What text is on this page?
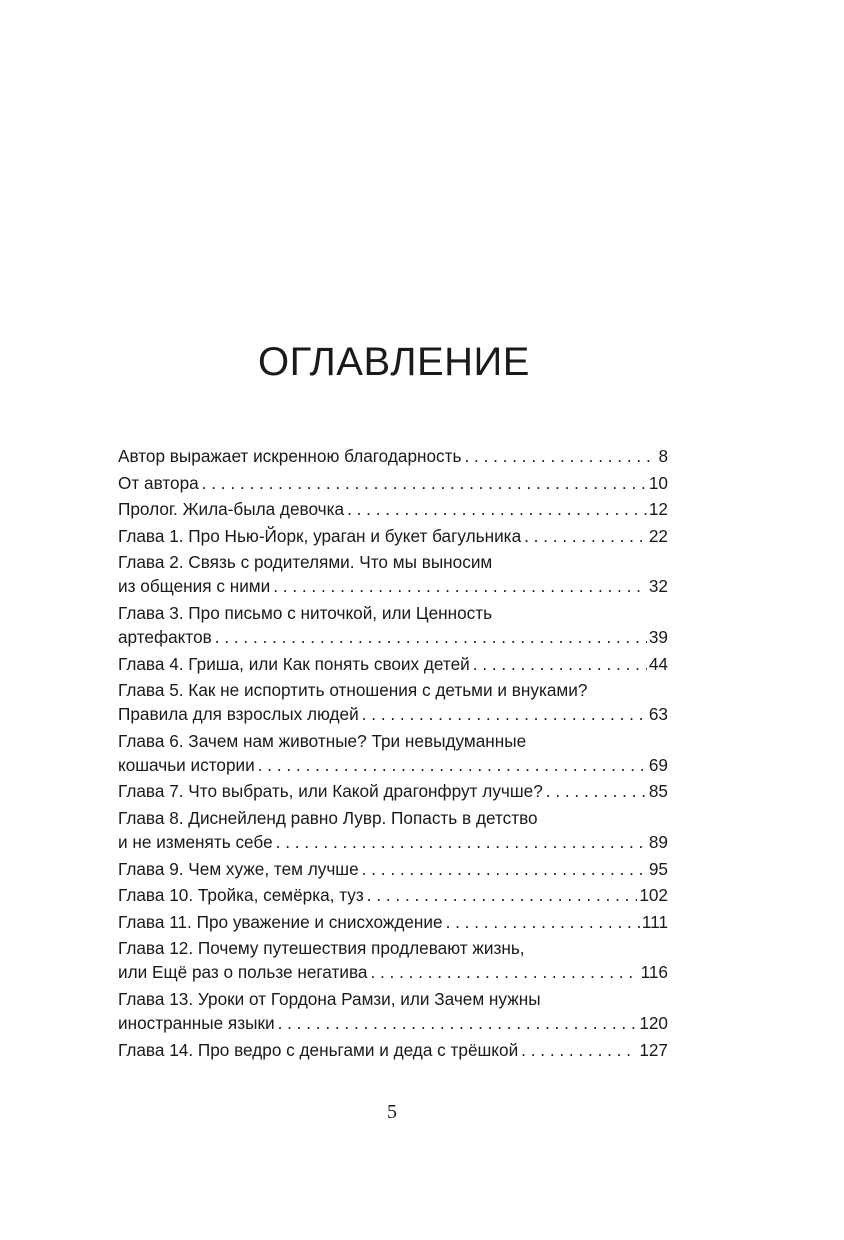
ОГЛАВЛЕНИЕ
Автор выражает искренною благодарность . . .	8
От автора . . .	10
Пролог. Жила-была девочка . . .	12
Глава 1. Про Нью-Йорк, ураган и букет багульника . . .	22
Глава 2. Связь с родителями. Что мы выносим
из общения с ними . . .	32
Глава 3. Про письмо с ниточкой, или Ценность
артефактов . . .	39
Глава 4. Гриша, или Как понять своих детей . . .	44
Глава 5. Как не испортить отношения с детьми и внуками?
Правила для взрослых людей . . .	63
Глава 6. Зачем нам животные? Три невыдуманные
кошачьи истории . . .	69
Глава 7. Что выбрать, или Какой драгонфрут лучше? . . .	85
Глава 8. Диснейленд равно Лувр. Попасть в детство
и не изменять себе . . .	89
Глава 9. Чем хуже, тем лучше . . .	95
Глава 10. Тройка, семёрка, туз . . .	102
Глава 11. Про уважение и снисхождение . . .	111
Глава 12. Почему путешествия продлевают жизнь,
или Ещё раз о пользе негатива . . .	116
Глава 13. Уроки от Гордона Рамзи, или Зачем нужны
иностранные языки . . .	120
Глава 14. Про ведро с деньгами и деда с трёшкой . . .	127
5
